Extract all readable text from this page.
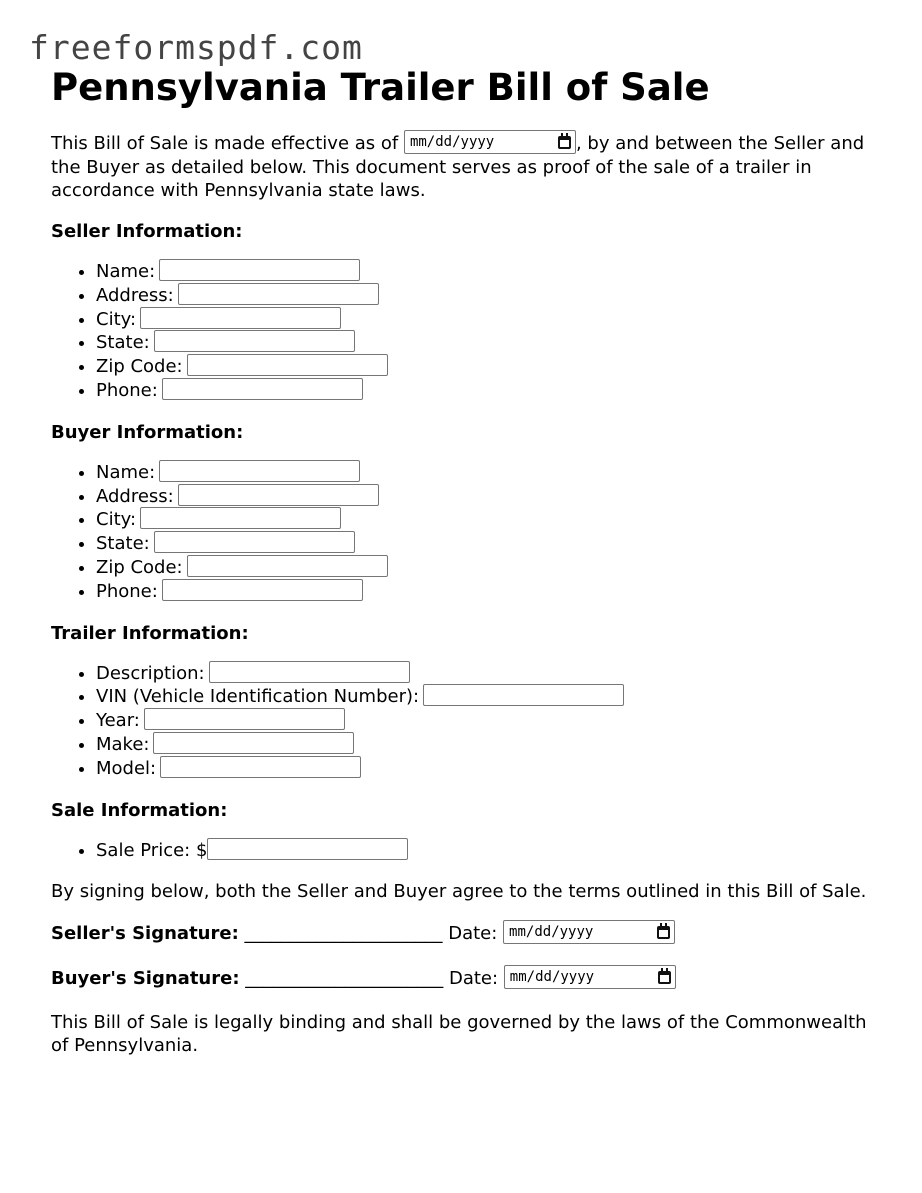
freeformspdf.com
Pennsylvania Trailer Bill of Sale

This Bill of Sale is made effective as of mm/dd/yyyy	, by and between the Seller and the Buyer as detailed below. This document serves as proof of the sale of a trailer in accordance with Pennsylvania state laws.

Seller Information:
• Name:
• Address:
• City:
• State:
• Zip Code:
• Phone:
Buyer Information:
• Name:
• Address:
• City:
• State:
• Zip Code:
• Phone:
Trailer Information:
• Description:
• VIN (Vehicle Identification Number):
• Year:
• Make:
• Model:
Sale Information:
• Sale Price: $

By signing below, both the Seller and Buyer agree to the terms outlined in this Bill of Sale.

Seller's Signature: ______________________ Date: mm/dd/yyyy

Buyer's Signature: ______________________ Date: mm/dd/yyyy

This Bill of Sale is legally binding and shall be governed by the laws of the Commonwealth of Pennsylvania.
